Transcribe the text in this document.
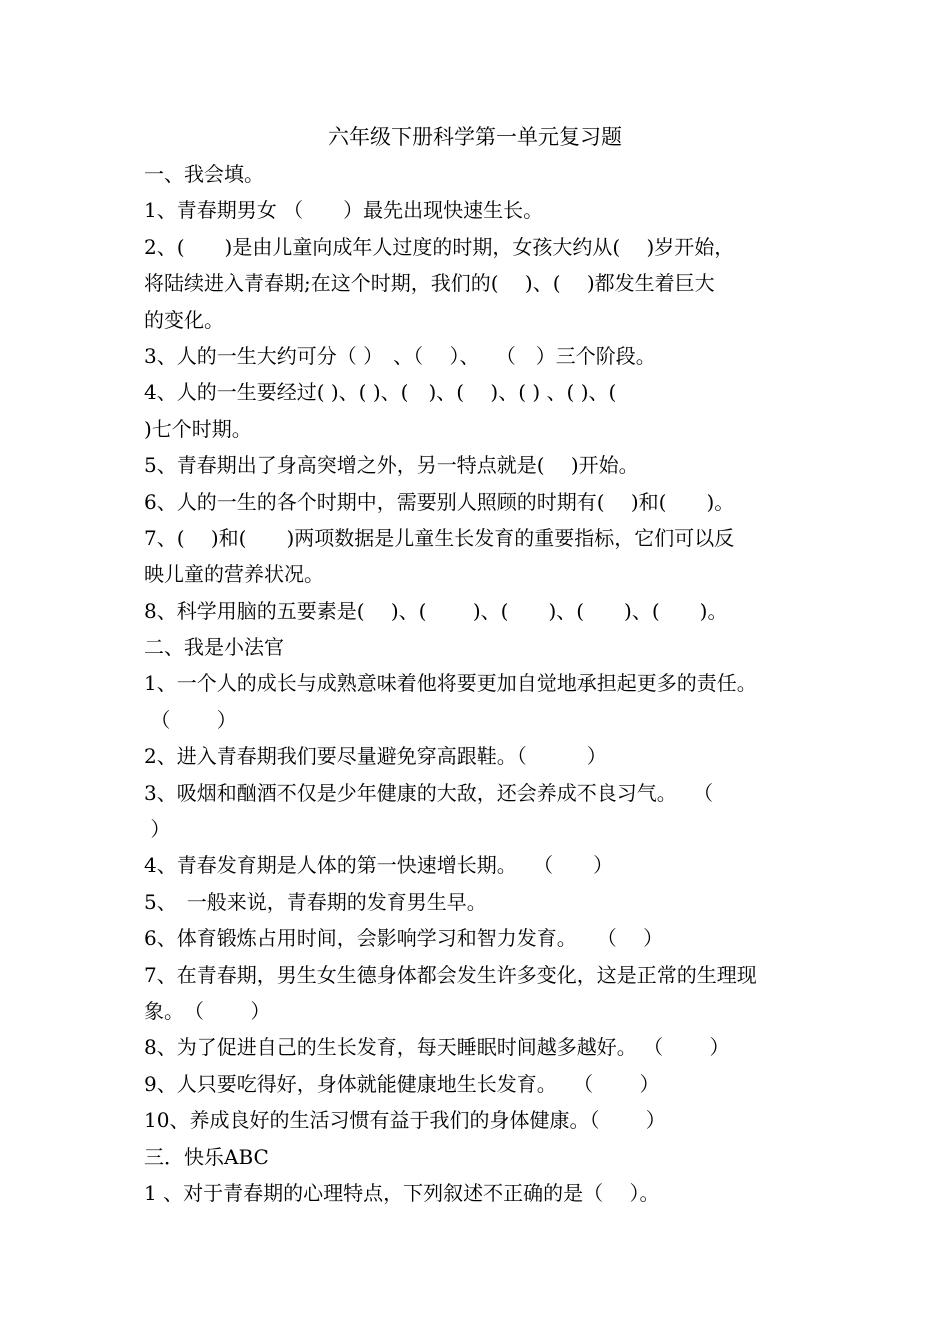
六年级下册科学第一单元复习题
一、我会填。
1、青春期男女 （　　）最先出现快速生长。
2、(　　)是由儿童向成年人过度的时期，女孩大约从(　 )岁开始，
将陆续进入青春期;在这个时期，我们的(　 )、(　 )都发生着巨大
的变化。
3、人的一生大约可分（ ）　、（　 ）、　 （　）三个阶段。
4、人的一生要经过( )、( )、(　)、(　 )、( ) 、( )、(
)七个时期。
5、青春期出了身高突增之外，另一特点就是(　 )开始。
6、人的一生的各个时期中，需要别人照顾的时期有(　 )和(　　)。
7、(　 )和(　　)两项数据是儿童生长发育的重要指标，它们可以反
映儿童的营养状况。
8、科学用脑的五要素是(　 )、(　　 )、(　　)、(　　)、(　　)。
二、我是小法官
1、一个人的成长与成熟意味着他将要更加自觉地承担起更多的责任。
（　　 ）
2、进入青春期我们要尽量避免穿高跟鞋。（　　　）
3、吸烟和酗酒不仅是少年健康的大敌，还会养成不良习气。　 （
）
4、青春发育期是人体的第一快速增长期。　 （　　）
5、　一般来说，青春期的发育男生早。
6、体育锻炼占用时间，会影响学习和智力发育。　　（　 ）
7、在青春期，男生女生德身体都会发生许多变化，这是正常的生理现
象。　（　　 ）
8、为了促进自己的生长发育，每天睡眠时间越多越好。 （　　 ）
9、人只要吃得好，身体就能健康地生长发育。　 （　　 ）
10、养成良好的生活习惯有益于我们的身体健康。（　　 ）
三．快乐ABC
1 、对于青春期的心理特点，下列叙述不正确的是（　 ）。
